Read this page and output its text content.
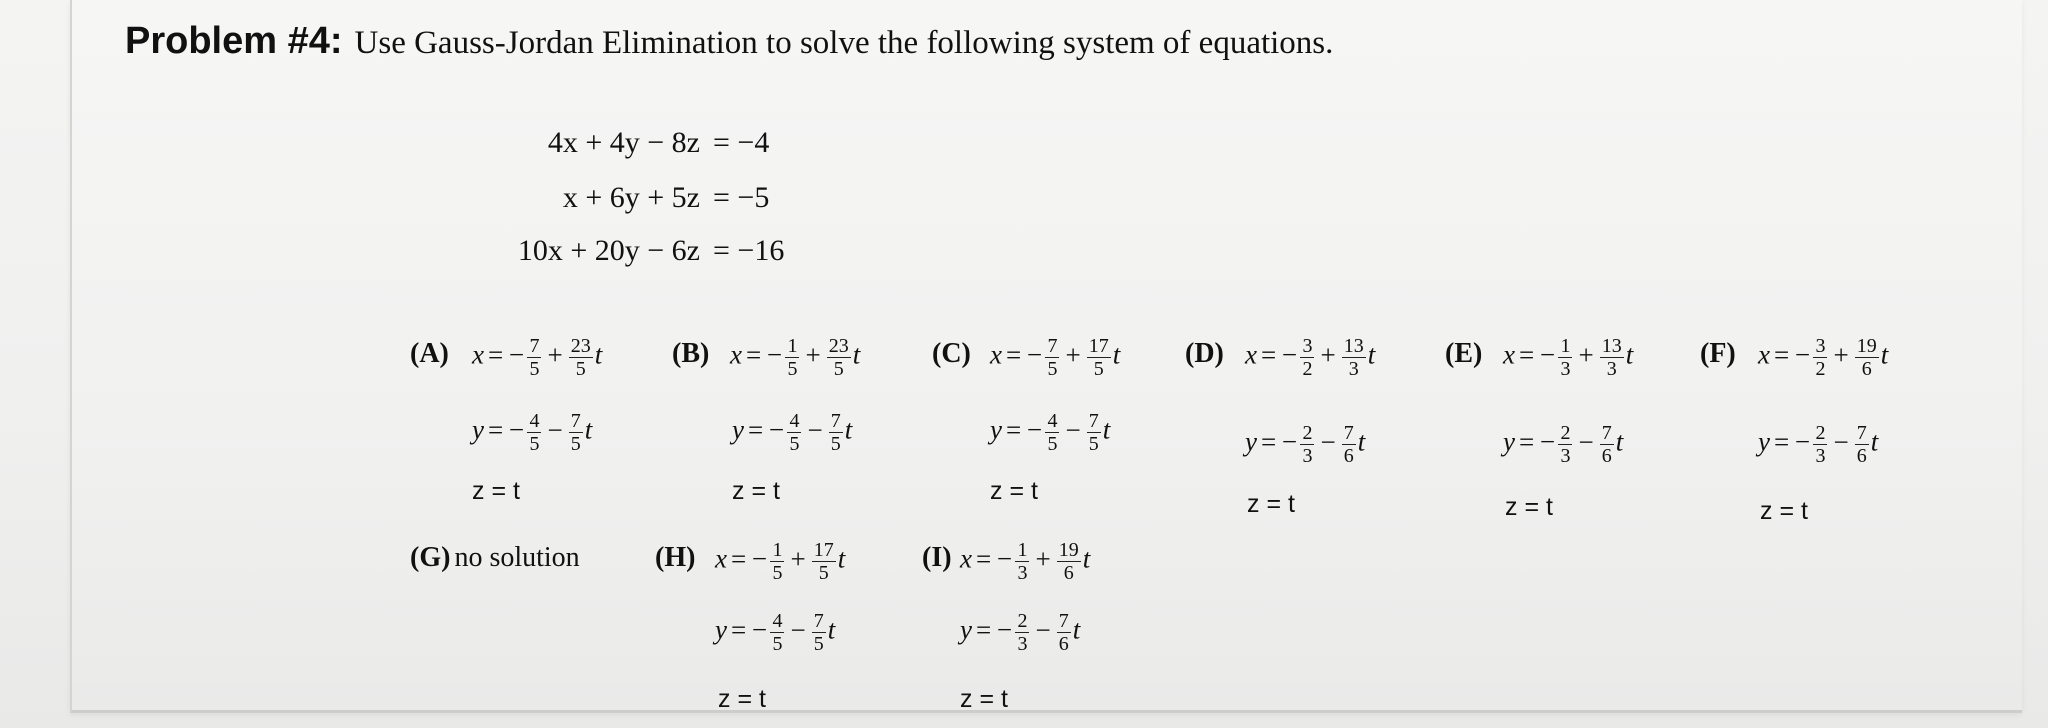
Problem #4: Use Gauss-Jordan Elimination to solve the following system of equations.
4x + 4y − 8z = −4
x + 6y + 5z = −5
10x + 20y − 6z = −16
(A) x = − $\frac{7}{5} + \frac{23}{5}$ t
y = − $\frac{4}{5} - \frac{7}{5}$ t
z = t
(B) x = − $\frac{1}{5} + \frac{23}{5}$ t
y = − $\frac{4}{5} - \frac{7}{5}$ t
z = t
(C) x = − $\frac{7}{5} + \frac{17}{5}$ t
y = − $\frac{4}{5} - \frac{7}{5}$ t
z = t
(D) x = − $\frac{3}{2} + \frac{13}{3}$ t
y = − $\frac{2}{3} - \frac{7}{6}$ t
z = t
(E) x = − $\frac{1}{3} + \frac{13}{3}$ t
y = − $\frac{2}{3} - \frac{7}{6}$ t
z = t
(F) x = − $\frac{3}{2} + \frac{19}{6}$ t
y = − $\frac{2}{3} - \frac{7}{6}$ t
z = t
(H) x = − $\frac{1}{5} + \frac{17}{5}$ t
y = − $\frac{4}{5} - \frac{7}{5}$ t
z = t
(I) x = − $\frac{1}{3} + \frac{19}{6}$ t
y = − $\frac{2}{3} - \frac{7}{6}$ t
z = t
(G) no solution
